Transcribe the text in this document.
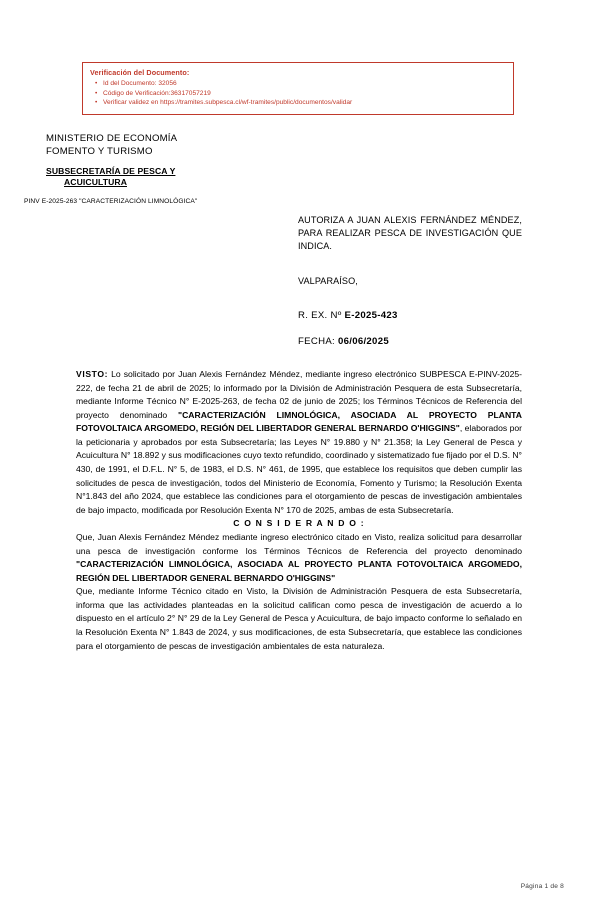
Verificación del Documento:
• Id del Documento: 32056
• Código de Verificación:36317057219
• Verificar validez en https://tramites.subpesca.cl/wf-tramites/public/documentos/validar
MINISTERIO DE ECONOMÍA
FOMENTO Y TURISMO
SUBSECRETARÍA DE PESCA Y
ACUICULTURA
PINV E-2025-263 "CARACTERIZACIÓN LIMNOLÓGICA"
AUTORIZA A JUAN ALEXIS FERNÁNDEZ MÉNDEZ, PARA REALIZAR PESCA DE INVESTIGACIÓN QUE INDICA.
VALPARAÍSO,
R. EX. Nº E-2025-423
FECHA: 06/06/2025

VISTO: Lo solicitado por Juan Alexis Fernández Méndez, mediante ingreso electrónico SUBPESCA E-PINV-2025-222, de fecha 21 de abril de 2025; lo informado por la División de Administración Pesquera de esta Subsecretaría, mediante Informe Técnico N° E-2025-263, de fecha 02 de junio de 2025; los Términos Técnicos de Referencia del proyecto denominado "CARACTERIZACIÓN LIMNOLÓGICA, ASOCIADA AL PROYECTO PLANTA FOTOVOLTAICA ARGOMEDO, REGIÓN DEL LIBERTADOR GENERAL BERNARDO O'HIGGINS", elaborados por la peticionaria y aprobados por esta Subsecretaría; las Leyes N° 19.880 y N° 21.358; la Ley General de Pesca y Acuicultura N° 18.892 y sus modificaciones cuyo texto refundido, coordinado y sistematizado fue fijado por el D.S. N° 430, de 1991, el D.F.L. N° 5, de 1983, el D.S. N° 461, de 1995, que establece los requisitos que deben cumplir las solicitudes de pesca de investigación, todos del Ministerio de Economía, Fomento y Turismo; la Resolución Exenta N°1.843 del año 2024, que establece las condiciones para el otorgamiento de pescas de investigación ambientales de bajo impacto, modificada por Resolución Exenta N° 170 de 2025, ambas de esta Subsecretaría.

C O N S I D E R A N D O :

Que, Juan Alexis Fernández Méndez mediante ingreso electrónico citado en Visto, realiza solicitud para desarrollar una pesca de investigación conforme los Términos Técnicos de Referencia del proyecto denominado "CARACTERIZACIÓN LIMNOLÓGICA, ASOCIADA AL PROYECTO PLANTA FOTOVOLTAICA ARGOMEDO, REGIÓN DEL LIBERTADOR GENERAL BERNARDO O'HIGGINS"

Que, mediante Informe Técnico citado en Visto, la División de Administración Pesquera de esta Subsecretaría, informa que las actividades planteadas en la solicitud califican como pesca de investigación de acuerdo a lo dispuesto en el artículo 2° N° 29 de la Ley General de Pesca y Acuicultura, de bajo impacto conforme lo señalado en la Resolución Exenta N° 1.843 de 2024, y sus modificaciones, de esta Subsecretaría, que establece las condiciones para el otorgamiento de pescas de investigación ambientales de esta naturaleza.

Página 1 de 8
